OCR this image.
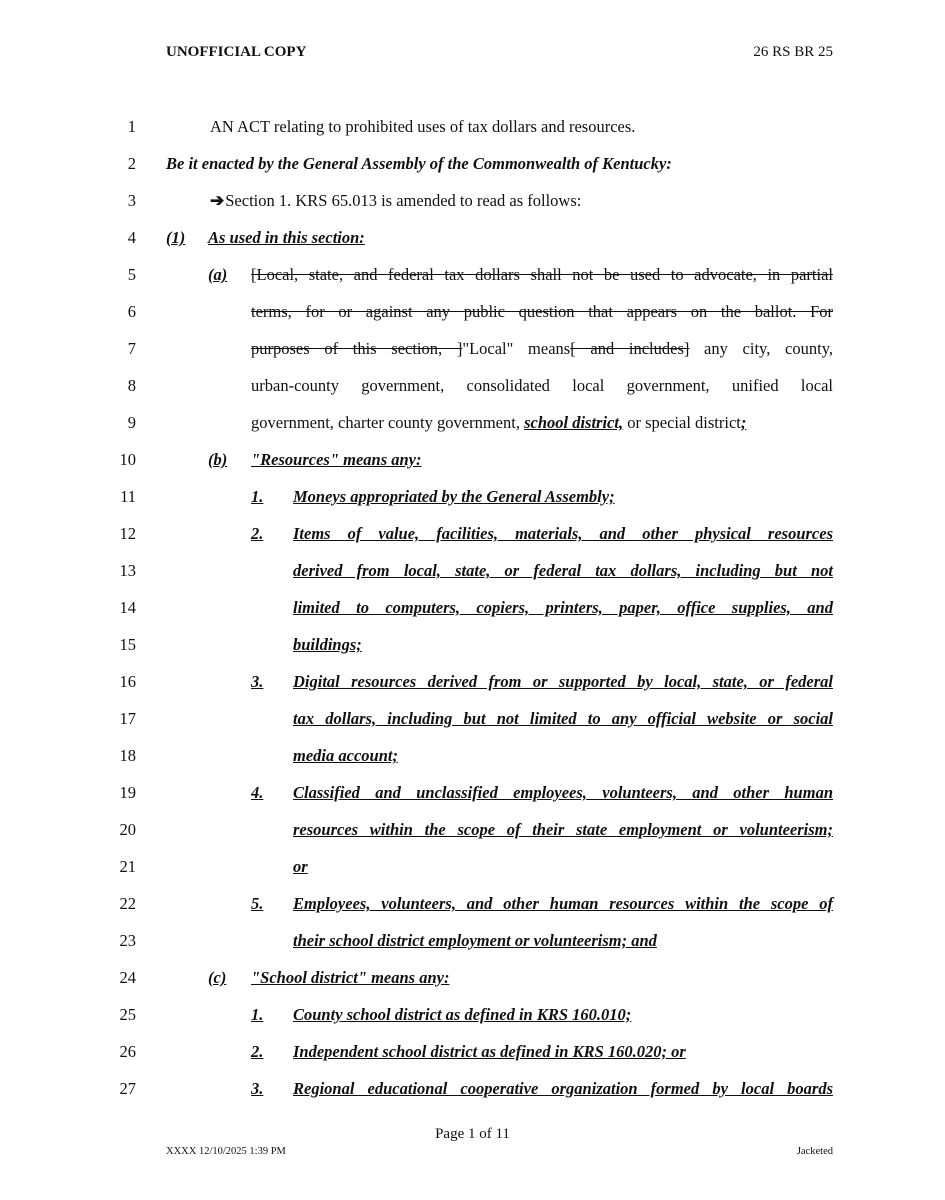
UNOFFICIAL COPY	26 RS BR 25
1	AN ACT relating to prohibited uses of tax dollars and resources.
2 Be it enacted by the General Assembly of the Commonwealth of Kentucky:
3	➔Section 1. KRS 65.013 is amended to read as follows:
4 (1) As used in this section:
5	(a) [Local, state, and federal tax dollars shall not be used to advocate, in partial
6	terms, for or against any public question that appears on the ballot. For
7	purposes of this section, ]"Local" means[ and includes] any city, county,
8	urban-county government, consolidated local government, unified local
9	government, charter county government, school district, or special district;
10	(b) "Resources" means any:
11	1. Moneys appropriated by the General Assembly;
12	2. Items of value, facilities, materials, and other physical resources
13	derived from local, state, or federal tax dollars, including but not
14	limited to computers, copiers, printers, paper, office supplies, and
15	buildings;
16	3. Digital resources derived from or supported by local, state, or federal
17	tax dollars, including but not limited to any official website or social
18	media account;
19	4. Classified and unclassified employees, volunteers, and other human
20	resources within the scope of their state employment or volunteerism;
21	or
22	5. Employees, volunteers, and other human resources within the scope of
23	their school district employment or volunteerism; and
24	(c) "School district" means any:
25	1. County school district as defined in KRS 160.010;
26	2. Independent school district as defined in KRS 160.020; or
27	3. Regional educational cooperative organization formed by local boards
Page 1 of 11
XXXX 12/10/2025 1:39 PM	Jacketed
